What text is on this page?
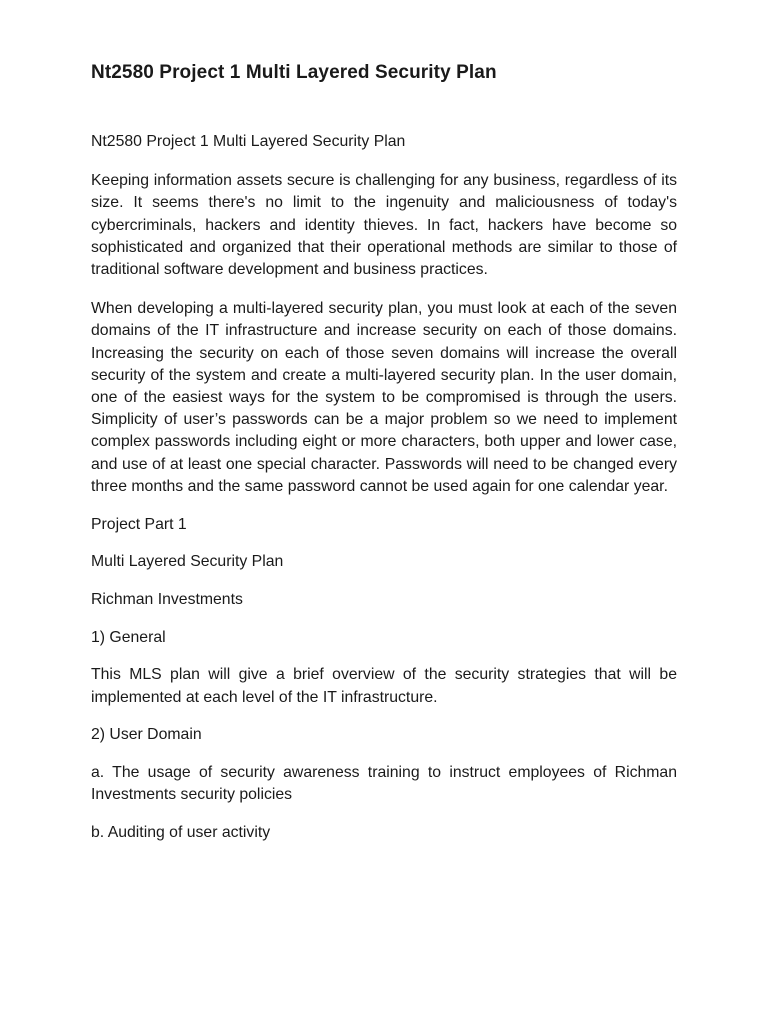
Nt2580 Project 1 Multi Layered Security Plan

Nt2580 Project 1 Multi Layered Security Plan

Keeping information assets secure is challenging for any business, regardless of its size. It seems there's no limit to the ingenuity and maliciousness of today's cybercriminals, hackers and identity thieves. In fact, hackers have become so sophisticated and organized that their operational methods are similar to those of traditional software development and business practices.

When developing a multi-layered security plan, you must look at each of the seven domains of the IT infrastructure and increase security on each of those domains. Increasing the security on each of those seven domains will increase the overall security of the system and create a multi-layered security plan. In the user domain, one of the easiest ways for the system to be compromised is through the users. Simplicity of user’s passwords can be a major problem so we need to implement complex passwords including eight or more characters, both upper and lower case, and use of at least one special character. Passwords will need to be changed every three months and the same password cannot be used again for one calendar year.

Project Part 1

Multi Layered Security Plan

Richman Investments

1) General

This MLS plan will give a brief overview of the security strategies that will be implemented at each level of the IT infrastructure.

2) User Domain

a. The usage of security awareness training to instruct employees of Richman Investments security policies

b. Auditing of user activity
